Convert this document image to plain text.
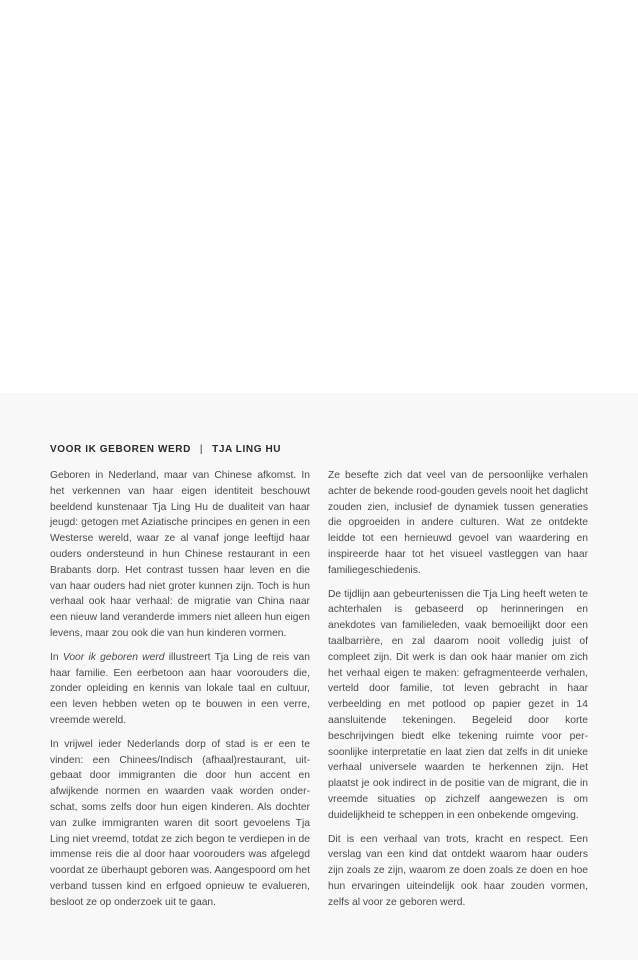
VOOR IK GEBOREN WERD | TJA LING HU

Geboren in Nederland, maar van Chinese afkomst. In het verkennen van haar eigen identiteit beschouwt beeldend kunstenaar Tja Ling Hu de dualiteit van haar jeugd: getogen met Aziatische principes en genen in een Westerse wereld, waar ze al vanaf jonge leeftijd haar ouders ondersteund in hun Chinese restaurant in een Brabants dorp. Het contrast tussen haar leven en die van haar ouders had niet groter kunnen zijn. Toch is hun verhaal ook haar verhaal: de migratie van China naar een nieuw land veranderde immers niet alleen hun eigen levens, maar zou ook die van hun kinderen vormen.

In Voor ik geboren werd illustreert Tja Ling de reis van haar familie. Een eerbetoon aan haar voorouders die, zonder opleiding en kennis van lokale taal en cultuur, een leven hebben weten op te bouwen in een verre, vreemde wereld.

In vrijwel ieder Nederlands dorp of stad is er een te vinden: een Chinees/Indisch (afhaal)restaurant, uitgebaat door immigranten die door hun accent en afwijkende normen en waarden vaak worden onderschat, soms zelfs door hun eigen kinderen. Als dochter van zulke immigranten waren dit soort gevoelens Tja Ling niet vreemd, totdat ze zich begon te verdiepen in de immense reis die al door haar voorouders was afgelegd voordat ze überhaupt geboren was. Aangespoord om het verband tussen kind en erfgoed opnieuw te evalueren, besloot ze op onderzoek uit te gaan.

Ze besefte zich dat veel van de persoonlijke verhalen achter de bekende rood-gouden gevels nooit het daglicht zouden zien, inclusief de dynamiek tussen generaties die opgroeiden in andere culturen. Wat ze ontdekte leidde tot een hernieuwd gevoel van waardering en inspireerde haar tot het visueel vastleggen van haar familiegeschiedenis.

De tijdlijn aan gebeurtenissen die Tja Ling heeft weten te achterhalen is gebaseerd op herinneringen en anekdotes van familieleden, vaak bemoeilijkt door een taalbarrière, en zal daarom nooit volledig juist of compleet zijn. Dit werk is dan ook haar manier om zich het verhaal eigen te maken: gefragmenteerde verhalen, verteld door familie, tot leven gebracht in haar verbeelding en met potlood op papier gezet in 14 aansluitende tekeningen. Begeleid door korte beschrijvingen biedt elke tekening ruimte voor persoonlijke interpretatie en laat zien dat zelfs in dit unieke verhaal universele waarden te herkennen zijn. Het plaatst je ook indirect in de positie van de migrant, die in vreemde situaties op zichzelf aangewezen is om duidelijkheid te scheppen in een onbekende omgeving.

Dit is een verhaal van trots, kracht en respect. Een verslag van een kind dat ontdekt waarom haar ouders zijn zoals ze zijn, waarom ze doen zoals ze doen en hoe hun ervaringen uiteindelijk ook haar zouden vormen, zelfs al voor ze geboren werd.
